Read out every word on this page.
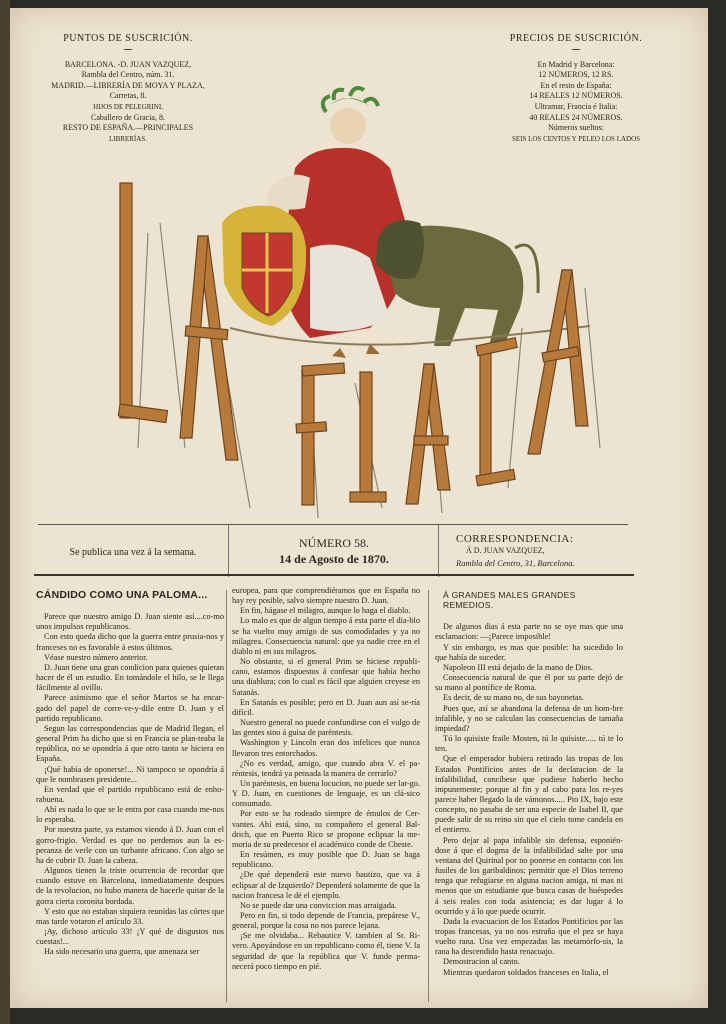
PUNTOS DE SUSCRICIÓN.
BARCELONA. -D. JUAN VAZQUEZ,
Rambla del Centro, núm. 31.
MADRID.—LIBRERÍA DE MOYA Y PLAZA,
Carretas, 8.
HIJOS DE PELEGRINI,
Caballero de Gracia, 8.
RESTO DE ESPAÑA.—PRINCIPALES
LIBRERÍAS.
PRECIOS DE SUSCRICIÓN.
En Madrid y Barcelona:
12 NÚMEROS, 12 RS.
En el resto de España:
14 REALES 12 NÚMEROS.
Ultramar, Francia é Italia:
40 REALES 24 NÚMEROS.
Números sueltos:
SEIS LOS CENTOS Y PELEO LOS LADOS
Se publica una vez á la semana.
NÚMERO 58.
14 de Agosto de 1870.
CORRESPONDENCIA:
Á D. JUAN VAZQUEZ,
Rambla del Centro, 31, Barcelona.
CÁNDIDO COMO UNA PALOMA...

Parece que nuestro amigo D. Juan siente así....co-mo unos impulsos republicanos.

Con esto queda dicho que la guerra entre prusia-nos y franceses no es favorable á estos últimos.

Véase nuestro número anterior.

D. Juan tiene una gran condicion para quienes quieran hacer de él un estudio. En tomándole el hilo, se le llega fácilmente al ovillo.

Parece asimismo que el señor Martos se ha encar-gado del papel de corre-ve-y-dile entre D. Juan y el partido republicano.

Segun las correspondencias que de Madrid llegan, el general Prim ha dicho que si en Francia se plan-teaba la república, no se opondría á que otro tanto se hiciera en España.

¡Qué había de oponerse!... Ni tampoco se opondría á que le nombrasen presidente...

En verdad que el partido republicano está de enho-rabuena.

Ahí es nada lo que se le entra por casa cuando me-nos lo esperaba.

Por nuestra parte, ya estamos viendo á D. Juan con el gorro-frigio. Verdad es que no perdemos aun la es-peranza de verle con un turbante africano. Con algo se ha de cubrir D. Juan la cabeza.

Algunos tienen la triste ocurrencia de recordar que cuando estuve en Barcelona, inmediatamente despues de la revolucion, no hubo manera de hacerle quitar de la gorra cierta coronita bordada.

Y esto que no estaban siquiera reunidas las córtes que mas tarde votaron el artículo 33.

¡Ay, dichoso artículo 33! ¡Y qué de disgustos nos cuestas!...

Ha sido necesario una guerra, que amenaza ser

europea, para que comprendiéramos que en España no hay rey posible, salvo siempre nuestro D. Juan.

En fin, hágase el milagro, aunque lo haga el diablo.

Lo malo es que de algun tiempo á esta parte el dia-blo se ha vuelto muy amigo de sus comodidades y ya no milagrea. Consecuencia natural: que ya nadie cree en el diablo ni en sus milagros.

No obstante, si el general Prim se hiciese republi-cano, estamos dispuestos á confesar que había hecho una diablura; con lo cual es fácil que alguien creyese en Satanás.

En Satanás es posible; pero en D. Juan aun así se-ría difícil.

Nuestro general no puede confundirse con el vulgo de las gentes sino á guisa de paréntesis.

Washington y Lincoln eran dos infelices que nunca llevaron tres entorchados.

¿No es verdad, amigo, que cuando abra V. el pa-réntesis, tendrá ya pensada la manera de cerrarlo?

Un paréntesis, en buena locucion, no puede ser lar-go. Y D. Juan, en cuestiones de lenguaje, es un clá-sico consumado.

Por esto se ha rodeado siempre de émulos de Cer-vantes. Ahí está, sino, su compañero el general Bal-drich, que en Puerto Rico se propone eclipsar la me-moria de su predecesor el académico conde de Cheste.

En resúmen, es muy posible que D. Juan se haga republicano.

¿De qué dependerá este nuevo bautizo, que va á eclipsar al de Izquierdo? Dependerá solamente de que la nacion francesa le dé el ejemplo.

No se puede dar una conviccion mas arraigada.

Pero en fin, si todo depende de Francia, prepárese V., general, porque la cosa no nos parece lejana.

¡Se me olvidaba... Rebautice V. tambien al Sr. Ri-vero. Apoyándose en un republicano como él, tiene V. la seguridad de que la república que V. funde perma-necerá poco tiempo en pié.

Á GRANDES MALES GRANDES REMEDIOS.

De algunos dias á esta parte no se oye mas que una esclamacion: —¡Parece imposible!

Y sin embargo, es mas que posible: ha sucedido lo que había de suceder.

Napoleon III está dejado de la mano de Dios.

Consecuencia natural de que él por su parte dejó de su mano al pontífice de Roma.

Es decir, de su mano no, de sus bayonetas.

Pues que, así se abandona la defensa de un hom-bre infalible, y no se calculan las consecuencias de tamaña impiedad?

Tú lo quisiste fraile Mosten, tú lo quisiste..... tú te lo ten.

Que el emperador hubiera retirado las tropas de los Estados Pontificios antes de la declaracion de la infalibilidad, concíbese que pudiese haberlo hecho impunemente; porque al fin y al cabo para los re-yes parece haber llegado la de vámonos..... Pio IX, bajo este concepto, no pasaba de ser una especie de Isabel II, que puede salir de su reino sin que el cielo tome candela en el entierro.

Pero dejar al papa infalible sin defensa, esponién-dose á que el dogma de la infalibilidad salte por una ventana del Quirinal por no ponerse en contacto con los fusiles de los garibaldinos; permitir que el Dios terreno tenga que refugiarse en alguna nacion amiga, ni mas ni menos que un estudiante que busca casas de huéspedes á seis reales con toda asistencia; es dar lugar á lo ocurrido y á lo que puede ocurrir.

Dada la evacuacion de los Estados Pontificios por las tropas francesas, ya no nos estraña que el pez se haya vuelto rana. Una vez empezadas las metamórfo-sis, la rana ha descendido hasta renacuajo.

Demostracion al canto.

Mientras quedaron soldados franceses en Italia, el
